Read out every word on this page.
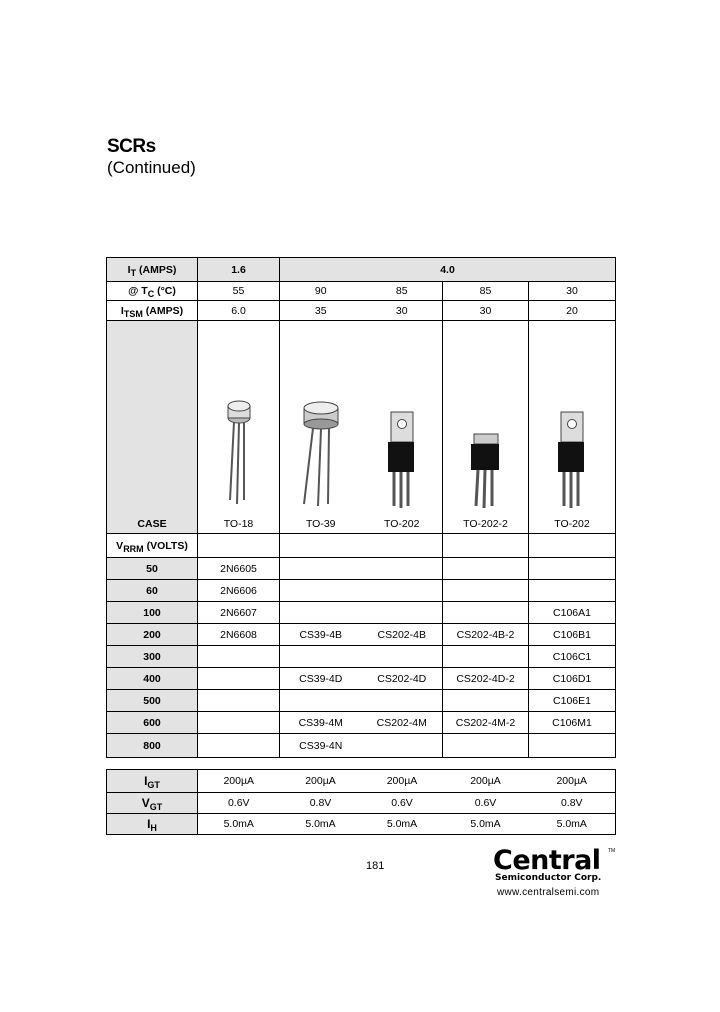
SCRs
(Continued)
IT (AMPS)	1.6	4.0			
@ TC (°C)	55	90	85	85	30
ITSM (AMPS)	6.0	35	30	30	20
CASE	TO-18	TO-39	TO-202	TO-202-2	TO-202

VRRM (VOLTS)					
50	2N6605				
60	2N6606				
100	2N6607				C106A1
200	2N6608	CS39-4B	CS202-4B	CS202-4B-2	C106B1
300					C106C1
400		CS39-4D	CS202-4D	CS202-4D-2	C106D1
500					C106E1
600		CS39-4M	CS202-4M	CS202-4M-2	C106M1
800		CS39-4N			
$I_{GT}$	200µA	200µA	200µA	200µA	200µA
$V_{GT}$	0.6V	0.8V	0.6V	0.6V	0.8V
$I_H$	5.0mA	5.0mA	5.0mA	5.0mA	5.0mA
181	Central TM
Semiconductor Corp.
www.centralsemi.com
